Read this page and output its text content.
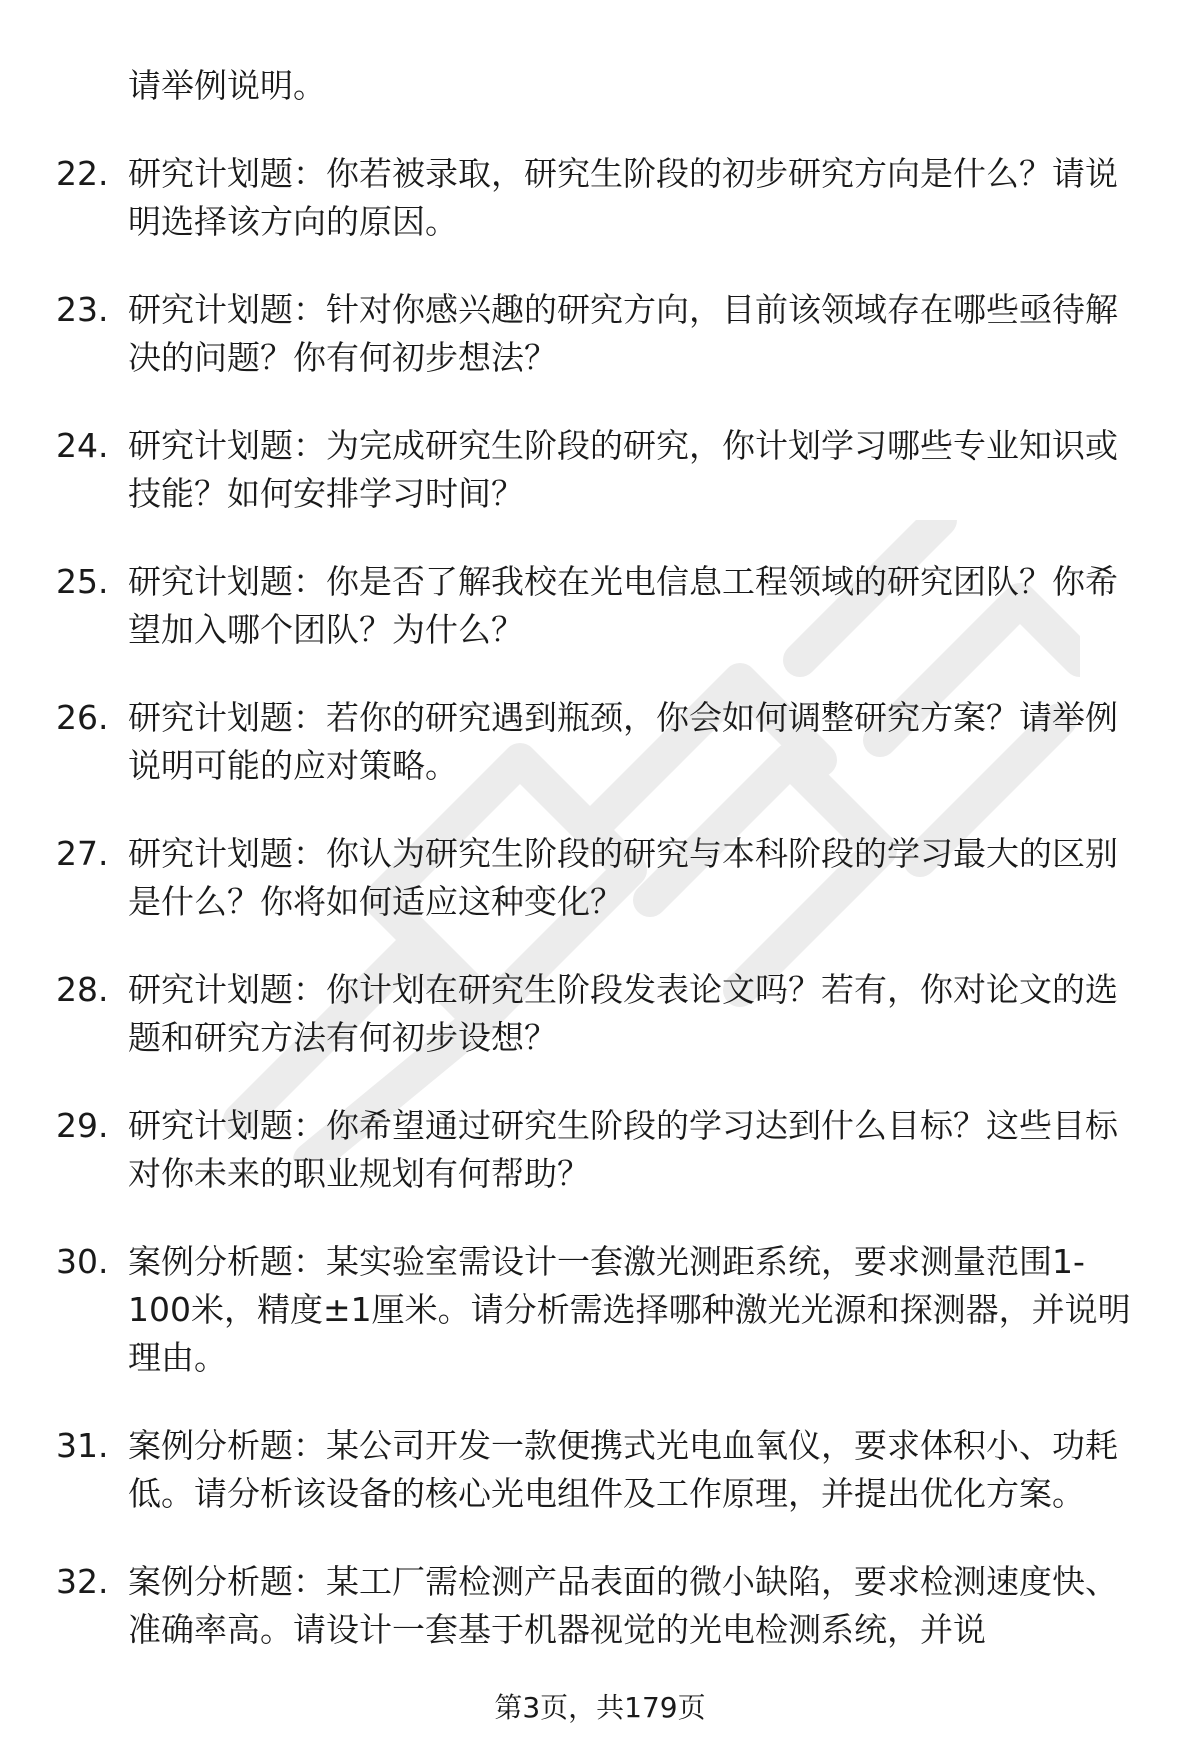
请举例说明。

22. 研究计划题：你若被录取，研究生阶段的初步研究方向是什么？请说明选择该方向的原因。
23. 研究计划题：针对你感兴趣的研究方向，目前该领域存在哪些亟待解决的问题？你有何初步想法？
24. 研究计划题：为完成研究生阶段的研究，你计划学习哪些专业知识或技能？如何安排学习时间？
25. 研究计划题：你是否了解我校在光电信息工程领域的研究团队？你希望加入哪个团队？为什么？
26. 研究计划题：若你的研究遇到瓶颈，你会如何调整研究方案？请举例说明可能的应对策略。
27. 研究计划题：你认为研究生阶段的研究与本科阶段的学习最大的区别是什么？你将如何适应这种变化？
28. 研究计划题：你计划在研究生阶段发表论文吗？若有，你对论文的选题和研究方法有何初步设想？
29. 研究计划题：你希望通过研究生阶段的学习达到什么目标？这些目标对你未来的职业规划有何帮助？
30. 案例分析题：某实验室需设计一套激光测距系统，要求测量范围1-100米，精度±1厘米。请分析需选择哪种激光光源和探测器，并说明理由。
31. 案例分析题：某公司开发一款便携式光电血氧仪，要求体积小、功耗低。请分析该设备的核心光电组件及工作原理，并提出优化方案。
32. 案例分析题：某工厂需检测产品表面的微小缺陷，要求检测速度快、准确率高。请设计一套基于机器视觉的光电检测系统，并说
第3页，共179页
